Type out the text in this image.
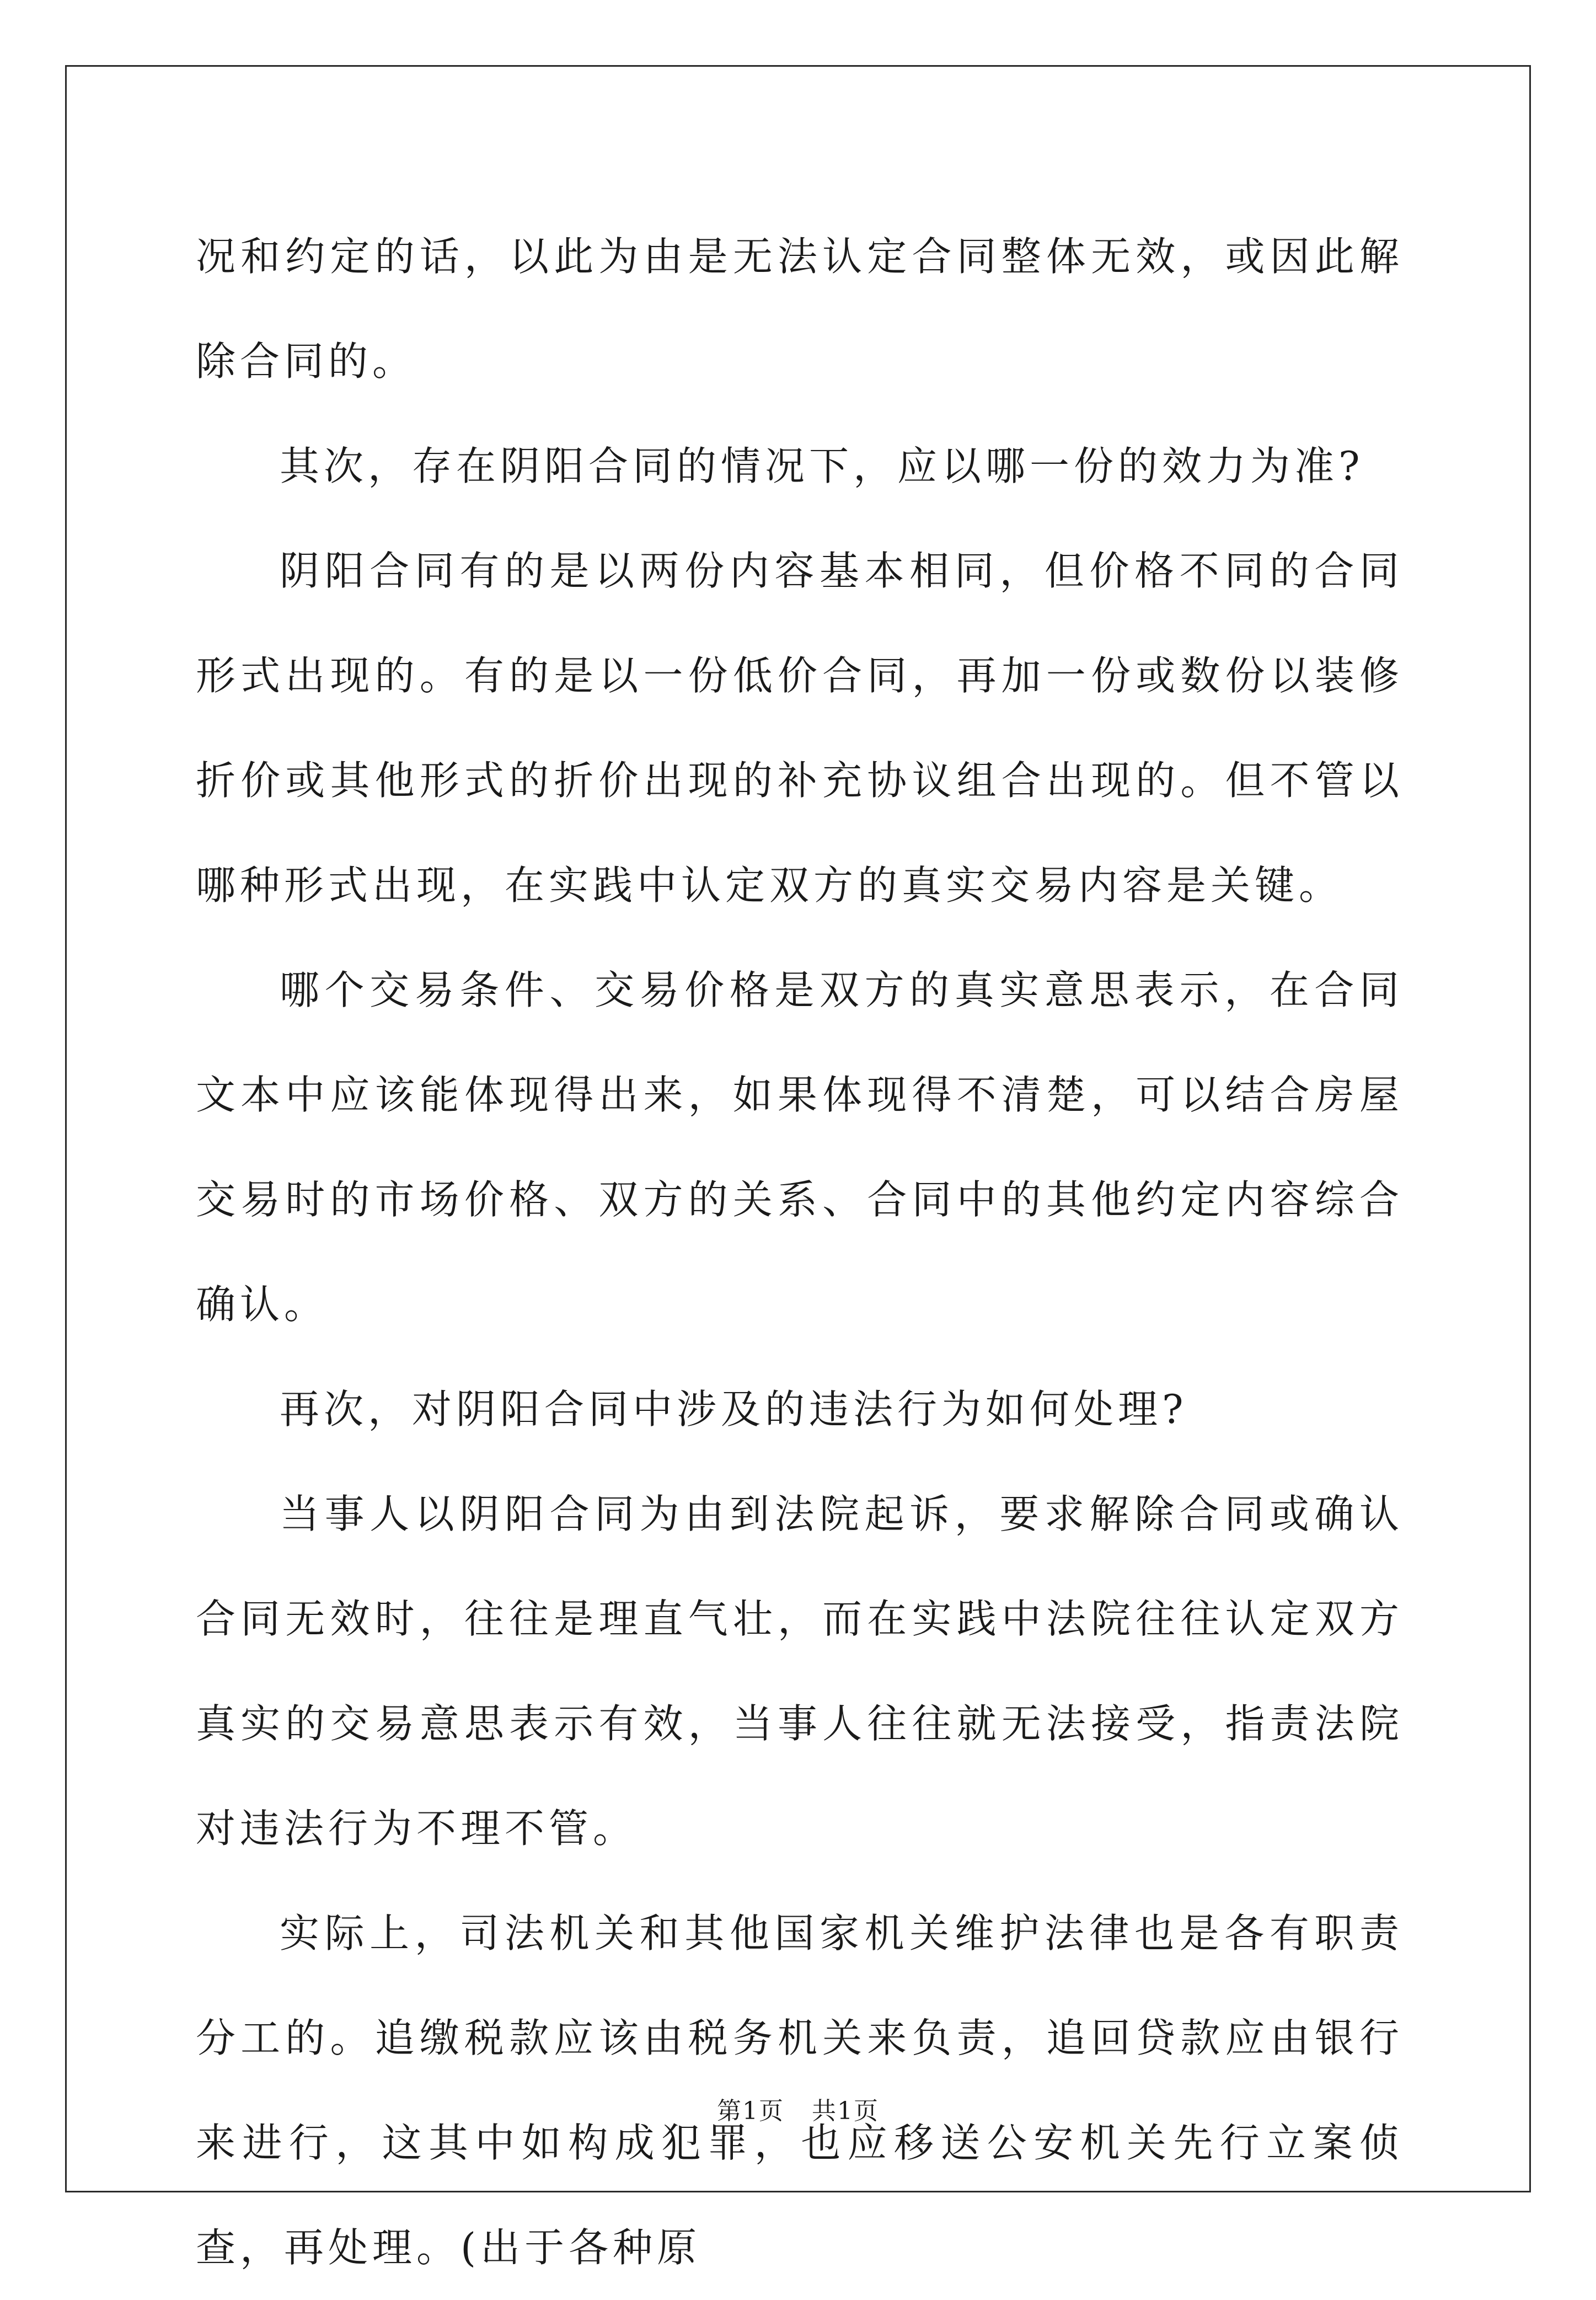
况和约定的话，以此为由是无法认定合同整体无效，或因此解除合同的。

其次，存在阴阳合同的情况下，应以哪一份的效力为准?

阴阳合同有的是以两份内容基本相同，但价格不同的合同形式出现的。有的是以一份低价合同，再加一份或数份以装修折价或其他形式的折价出现的补充协议组合出现的。但不管以哪种形式出现，在实践中认定双方的真实交易内容是关键。

哪个交易条件、交易价格是双方的真实意思表示，在合同文本中应该能体现得出来，如果体现得不清楚，可以结合房屋交易时的市场价格、双方的关系、合同中的其他约定内容综合确认。

再次，对阴阳合同中涉及的违法行为如何处理?

当事人以阴阳合同为由到法院起诉，要求解除合同或确认合同无效时，往往是理直气壮，而在实践中法院往往认定双方真实的交易意思表示有效，当事人往往就无法接受，指责法院对违法行为不理不管。

实际上，司法机关和其他国家机关维护法律也是各有职责分工的。追缴税款应该由税务机关来负责，追回贷款应由银行来进行，这其中如构成犯罪，也应移送公安机关先行立案侦查，再处理。(出于各种原

第1页 共1页
